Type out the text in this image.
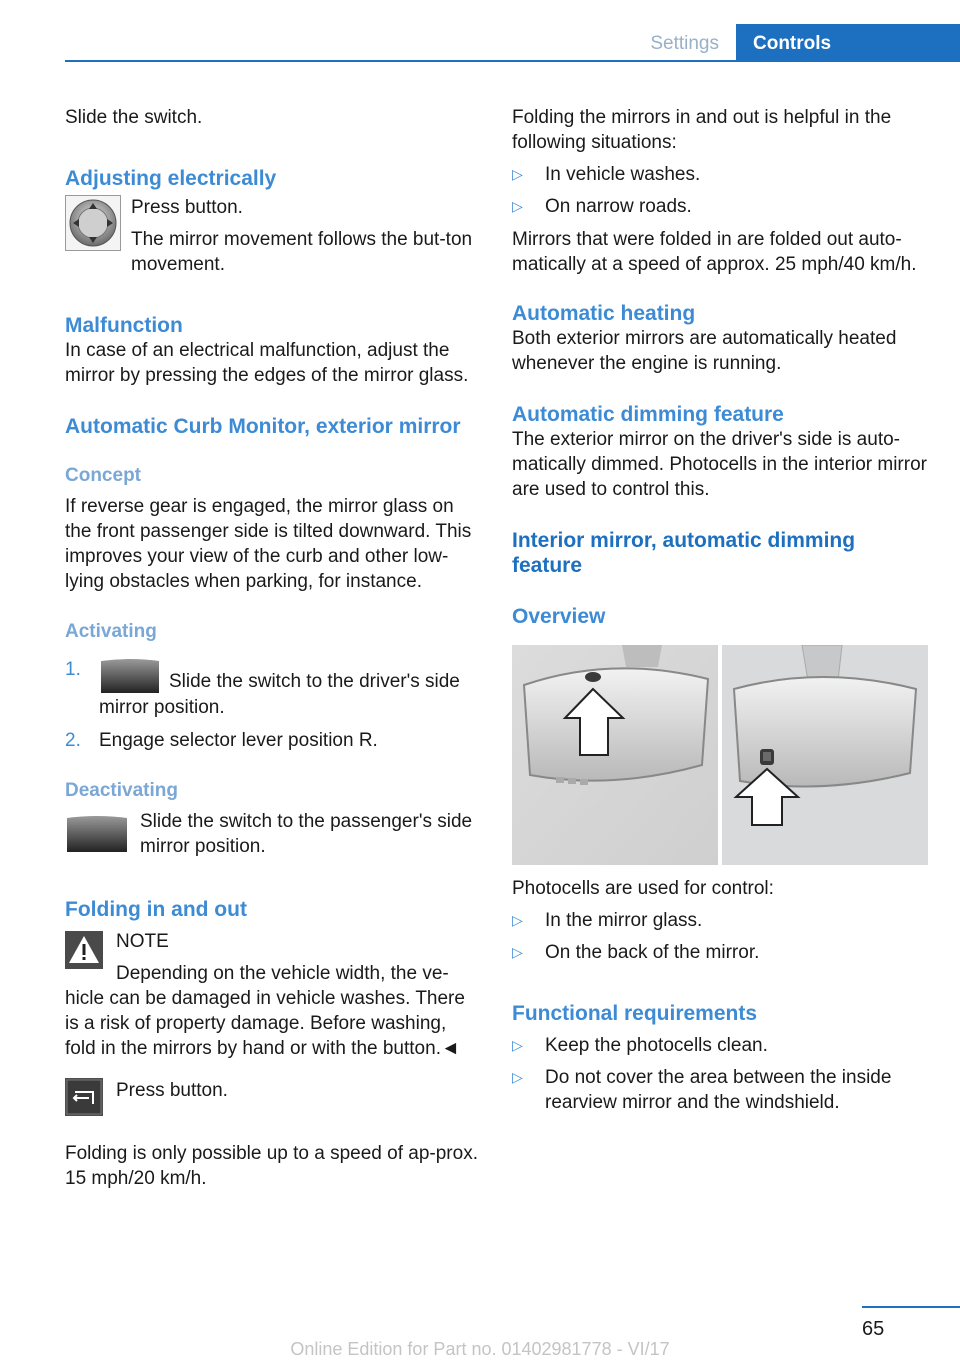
Settings	Controls

Slide the switch.

Adjusting electrically

Press button.

The mirror movement follows the but‐ton movement.

Malfunction

In case of an electrical malfunction, adjust the mirror by pressing the edges of the mirror glass.

Automatic Curb Monitor, exterior mirror
Concept

If reverse gear is engaged, the mirror glass on the front passenger side is tilted downward. This improves your view of the curb and other low-lying obstacles when parking, for instance.

Activating
1.
Slide the switch to the driver's side mirror position.
2. Engage selector lever position R.
Deactivating

Slide the switch to the passenger's side mirror position.

Folding in and out

NOTE

Depending on the vehicle width, the ve‐hicle can be damaged in vehicle washes. There is a risk of property damage. Before washing, fold in the mirrors by hand or with the button.◄

Press button.

Folding is only possible up to a speed of ap‐prox. 15 mph/20 km/h.

Folding the mirrors in and out is helpful in the following situations:

▷	In vehicle washes.
▷	On narrow roads.

Mirrors that were folded in are folded out auto‐matically at a speed of approx. 25 mph/40 km/h.

Automatic heating

Both exterior mirrors are automatically heated whenever the engine is running.

Automatic dimming feature

The exterior mirror on the driver's side is auto‐matically dimmed. Photocells in the interior mirror are used to control this.

Interior mirror, automatic dimming feature
Overview

Photocells are used for control:

▷	In the mirror glass.
▷	On the back of the mirror.
Functional requirements
▷	Keep the photocells clean.
▷	Do not cover the area between the inside rearview mirror and the windshield.
65
Online Edition for Part no. 01402981778 - VI/17
